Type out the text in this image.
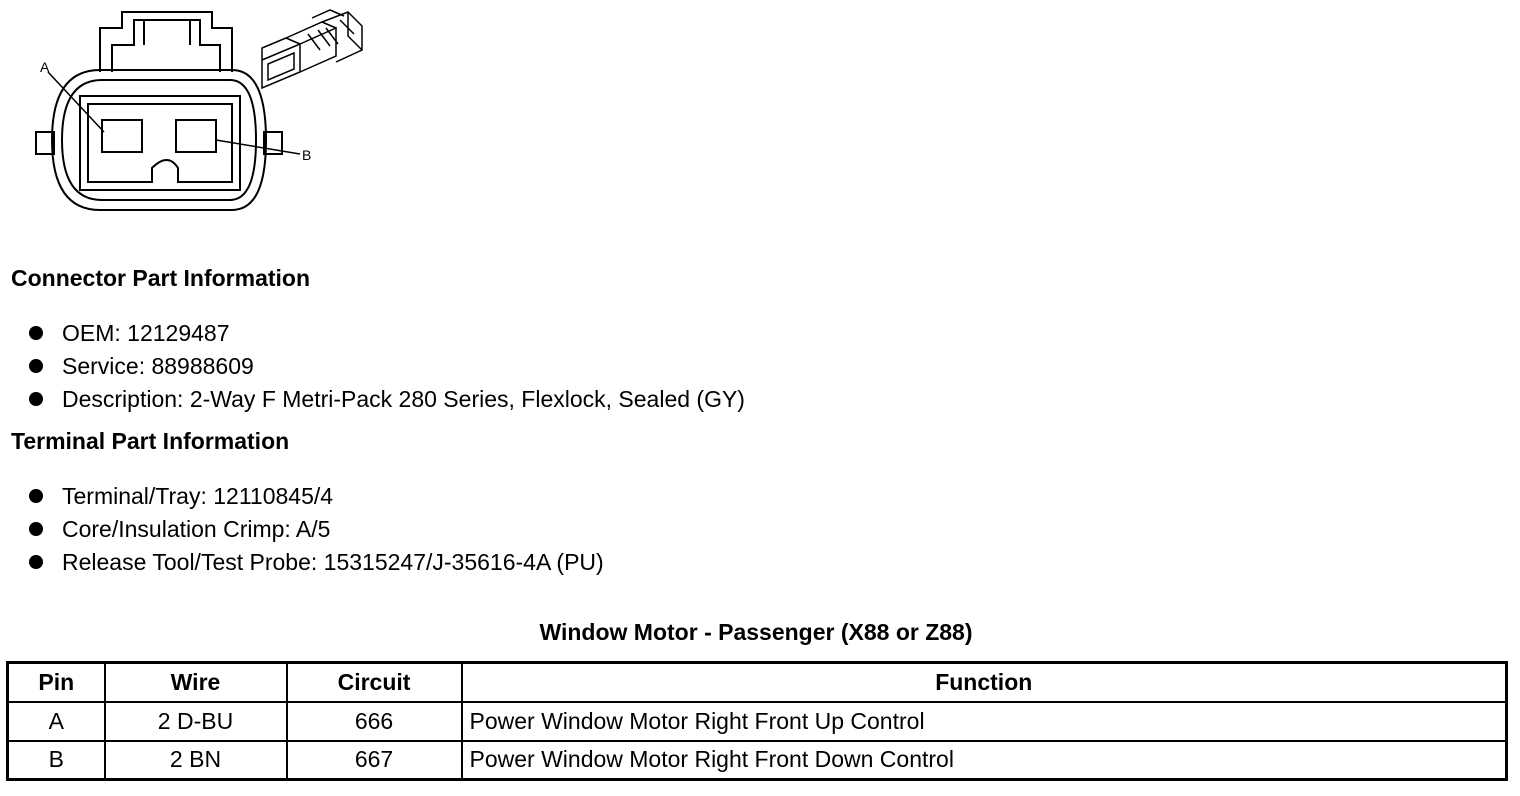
A
B
Connector Part Information
OEM: 12129487
Service: 88988609
Description: 2-Way F Metri-Pack 280 Series, Flexlock, Sealed (GY)
Terminal Part Information
Terminal/Tray: 12110845/4
Core/Insulation Crimp: A/5
Release Tool/Test Probe: 15315247/J-35616-4A (PU)
Window Motor - Passenger (X88 or Z88)
Pin	Wire	Circuit	Function
A	2 D-BU	666	Power Window Motor Right Front Up Control
B	2 BN	667	Power Window Motor Right Front Down Control
